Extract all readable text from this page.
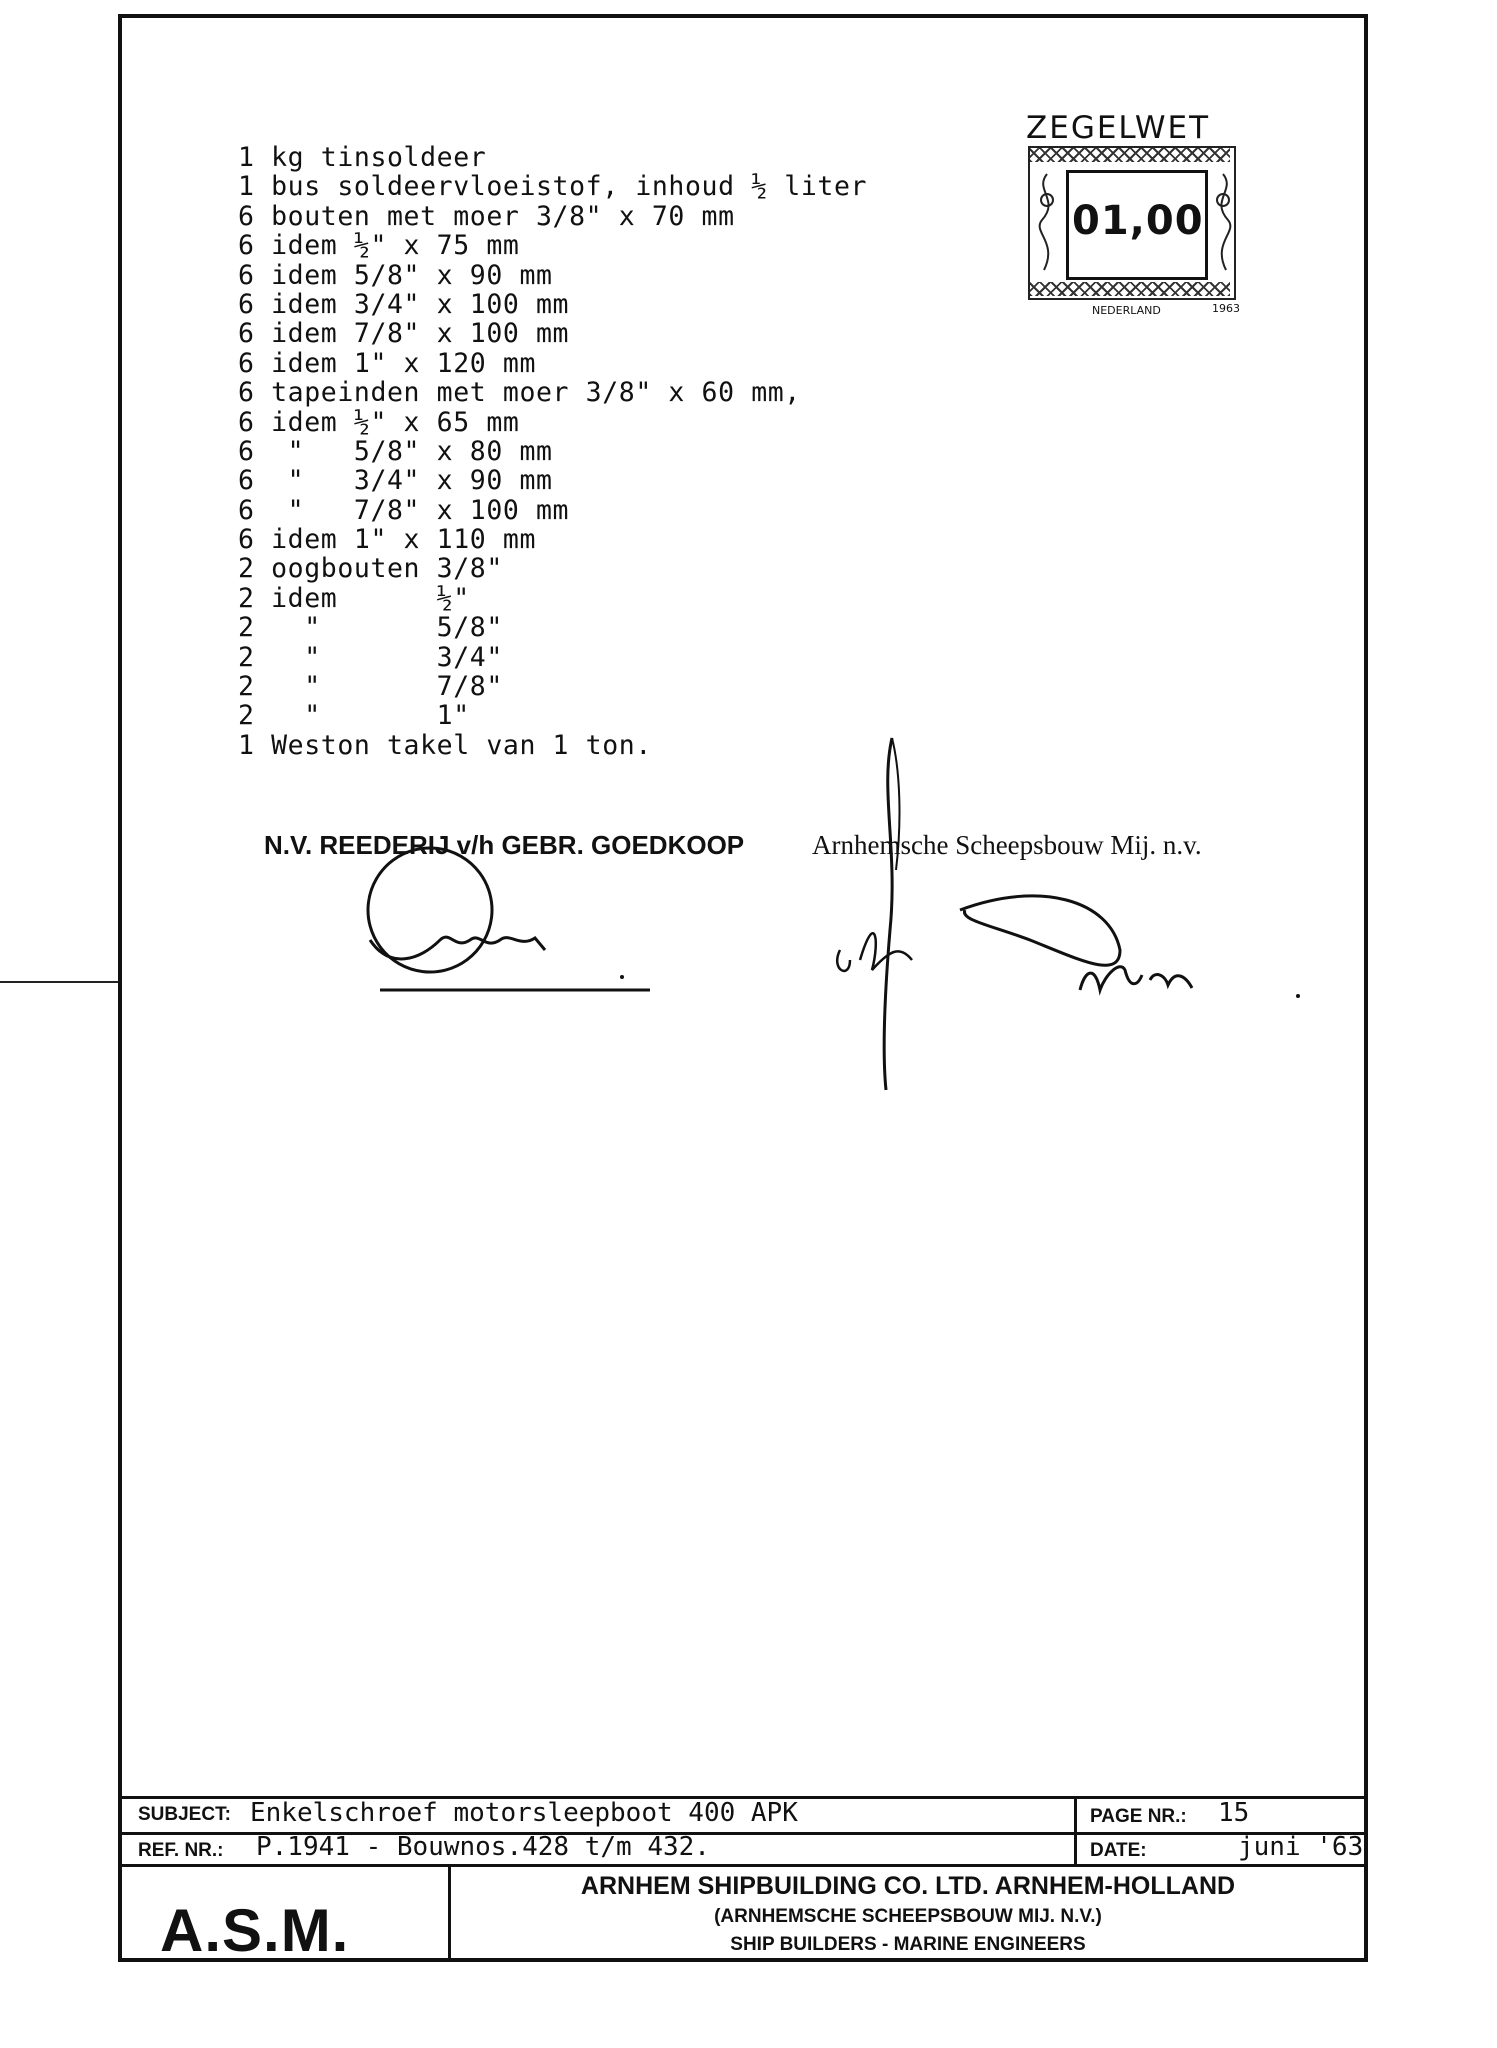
1 kg tinsoldeer
1 bus soldeervloeistof, inhoud ½ liter
6 bouten met moer 3/8" x 70 mm
6 idem ½" x 75 mm
6 idem 5/8" x 90 mm
6 idem 3/4" x 100 mm
6 idem 7/8" x 100 mm
6 idem 1" x 120 mm
6 tapeinden met moer 3/8" x 60 mm,
6 idem ½" x 65 mm
6  "   5/8" x 80 mm
6  "   3/4" x 90 mm
6  "   7/8" x 100 mm
6 idem 1" x 110 mm
2 oogbouten 3/8"
2 idem      ½"
2   "       5/8"
2   "       3/4"
2   "       7/8"
2   "       1"
1 Weston takel van 1 ton.
ZEGELWET
01,00
NEDERLAND	1963
N.V. REEDERIJ v/h GEBR. GOEDKOOP	Arnhemsche Scheepsbouw Mij. n.v.
SUBJECT: Enkelschroef motorsleepboot 400 APK	PAGE NR.: 15
REF. NR.: P.1941 - Bouwnos.428 t/m 432.	DATE:	juni '63
A.S.M.
ARNHEM SHIPBUILDING CO. LTD. ARNHEM-HOLLAND
(ARNHEMSCHE SCHEEPSBOUW MIJ. N.V.)
SHIP BUILDERS - MARINE ENGINEERS
